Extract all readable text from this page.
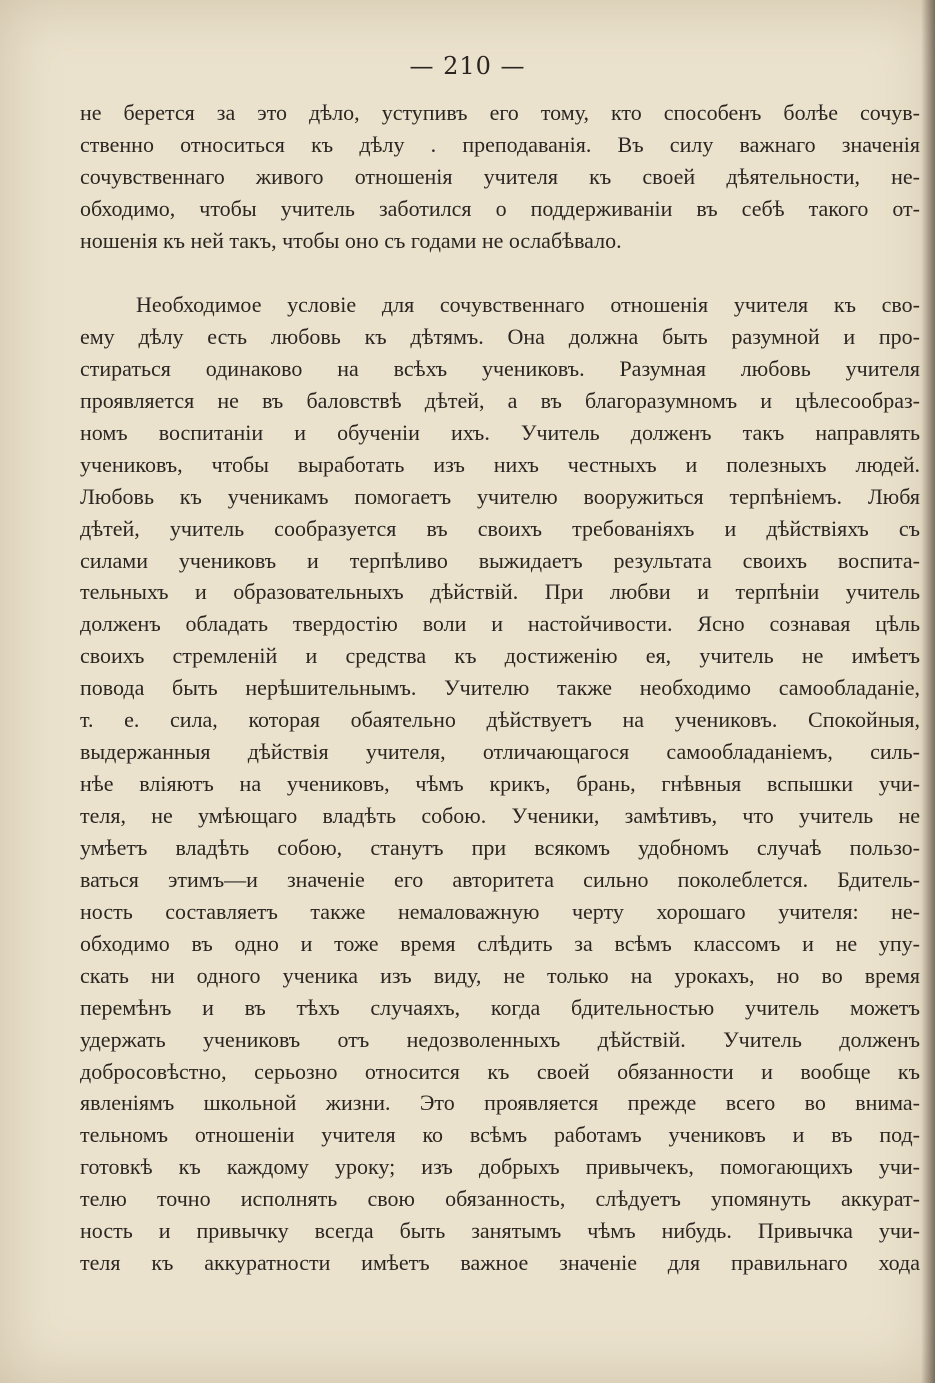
— 210 —
не берется за это дѣло, уступивъ его тому, кто способенъ болѣе сочув-
ственно относиться къ дѣлу . преподаванія. Въ силу важнаго значенія
сочувственнаго живого отношенія учителя къ своей дѣятельности, не-
обходимо, чтобы учитель заботился о поддерживаніи въ себѣ такого от-
ношенія къ ней такъ, чтобы оно съ годами не ослабѣвало.
Необходимое условіе для сочувственнаго отношенія учителя къ сво-
ему дѣлу есть любовь къ дѣтямъ. Она должна быть разумной и про-
стираться одинаково на всѣхъ учениковъ. Разумная любовь учителя
проявляется не въ баловствѣ дѣтей, а въ благоразумномъ и цѣлесообраз-
номъ воспитаніи и обученіи ихъ. Учитель долженъ такъ направлять
учениковъ, чтобы выработать изъ нихъ честныхъ и полезныхъ людей.
Любовь къ ученикамъ помогаетъ учителю вооружиться терпѣніемъ. Любя
дѣтей, учитель сообразуется въ своихъ требованіяхъ и дѣйствіяхъ съ
силами учениковъ и терпѣливо выжидаетъ результата своихъ воспита-
тельныхъ и образовательныхъ дѣйствій. При любви и терпѣніи учитель
долженъ обладать твердостію воли и настойчивости. Ясно сознавая цѣль
своихъ стремленій и средства къ достиженію ея, учитель не имѣетъ
повода быть нерѣшительнымъ. Учителю также необходимо самообладаніе,
т. е. сила, которая обаятельно дѣйствуетъ на учениковъ. Спокойныя,
выдержанныя дѣйствія учителя, отличающагося самообладаніемъ, силь-
нѣе вліяютъ на учениковъ, чѣмъ крикъ, брань, гнѣвныя вспышки учи-
теля, не умѣющаго владѣть собою. Ученики, замѣтивъ, что учитель не
умѣетъ владѣть собою, станутъ при всякомъ удобномъ случаѣ пользо-
ваться этимъ—и значеніе его авторитета сильно поколеблется. Бдитель-
ность составляетъ также немаловажную черту хорошаго учителя: не-
обходимо въ одно и тоже время слѣдить за всѣмъ классомъ и не упу-
скать ни одного ученика изъ виду, не только на урокахъ, но во время
перемѣнъ и въ тѣхъ случаяхъ, когда бдительностью учитель можетъ
удержать учениковъ отъ недозволенныхъ дѣйствій. Учитель долженъ
добросовѣстно, серьозно относится къ своей обязанности и вообще къ
явленіямъ школьной жизни. Это проявляется прежде всего во внима-
тельномъ отношеніи учителя ко всѣмъ работамъ учениковъ и въ под-
готовкѣ къ каждому уроку; изъ добрыхъ привычекъ, помогающихъ учи-
телю точно исполнять свою обязанность, слѣдуетъ упомянуть аккурат-
ность и привычку всегда быть занятымъ чѣмъ нибудь. Привычка учи-
теля къ аккуратности имѣетъ важное значеніе для правильнаго хода
